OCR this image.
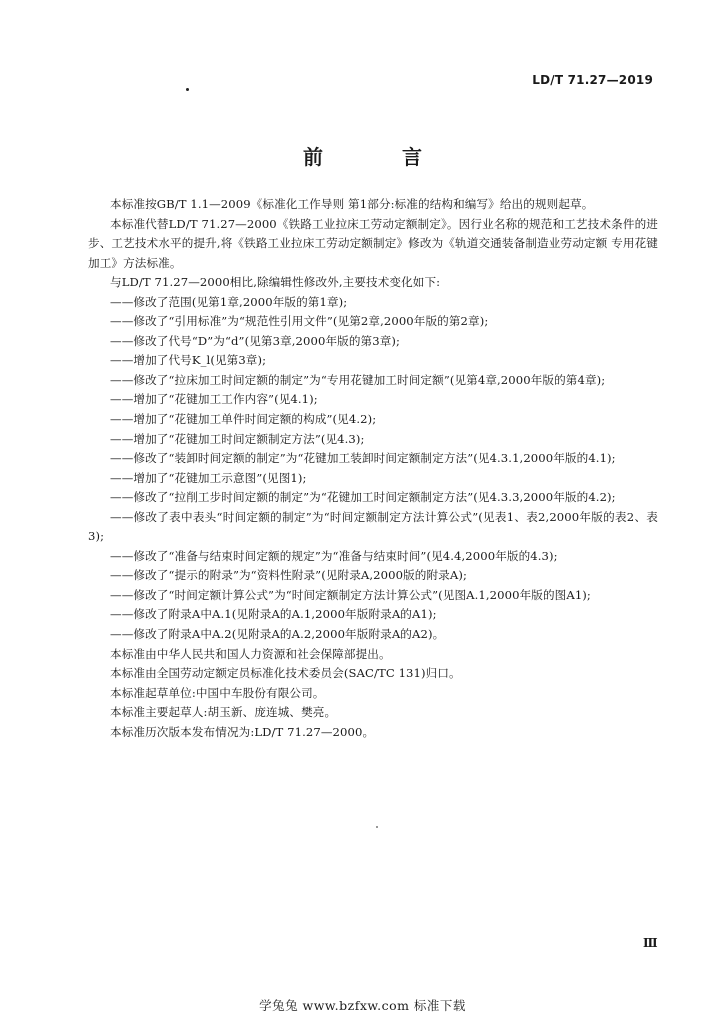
LD/T 71.27—2019
前 言

本标准按GB/T 1.1—2009《标准化工作导则 第1部分:标准的结构和编写》给出的规则起草。

本标准代替LD/T 71.27—2000《铁路工业拉床工劳动定额制定》。因行业名称的规范和工艺技术条件的进步、工艺技术水平的提升,将《铁路工业拉床工劳动定额制定》修改为《轨道交通装备制造业劳动定额 专用花键加工》方法标准。

与LD/T 71.27—2000相比,除编辑性修改外,主要技术变化如下:

——修改了范围(见第1章,2000年版的第1章);

——修改了“引用标准”为“规范性引用文件”(见第2章,2000年版的第2章);

——修改了代号“D”为“d”(见第3章,2000年版的第3章);

——增加了代号K_l(见第3章);

——修改了“拉床加工时间定额的制定”为“专用花键加工时间定额”(见第4章,2000年版的第4章);

——增加了“花键加工工作内容”(见4.1);

——增加了“花键加工单件时间定额的构成”(见4.2);

——增加了“花键加工时间定额制定方法”(见4.3);

——修改了“装卸时间定额的制定”为“花键加工装卸时间定额制定方法”(见4.3.1,2000年版的4.1);

——增加了“花键加工示意图”(见图1);

——修改了“拉削工步时间定额的制定”为“花键加工时间定额制定方法”(见4.3.3,2000年版的4.2);

——修改了表中表头“时间定额的制定”为“时间定额制定方法计算公式”(见表1、表2,2000年版的表2、表3);

——修改了“准备与结束时间定额的规定”为“准备与结束时间”(见4.4,2000年版的4.3);

——修改了“提示的附录”为“资料性附录”(见附录A,2000版的附录A);

——修改了“时间定额计算公式”为“时间定额制定方法计算公式”(见图A.1,2000年版的图A1);

——修改了附录A中A.1(见附录A的A.1,2000年版附录A的A1);

——修改了附录A中A.2(见附录A的A.2,2000年版附录A的A2)。

本标准由中华人民共和国人力资源和社会保障部提出。

本标准由全国劳动定额定员标准化技术委员会(SAC/TC 131)归口。

本标准起草单位:中国中车股份有限公司。

本标准主要起草人:胡玉新、庞连城、樊亮。

本标准历次版本发布情况为:LD/T 71.27—2000。

Ⅲ
学兔兔 www.bzfxw.com 标准下载
